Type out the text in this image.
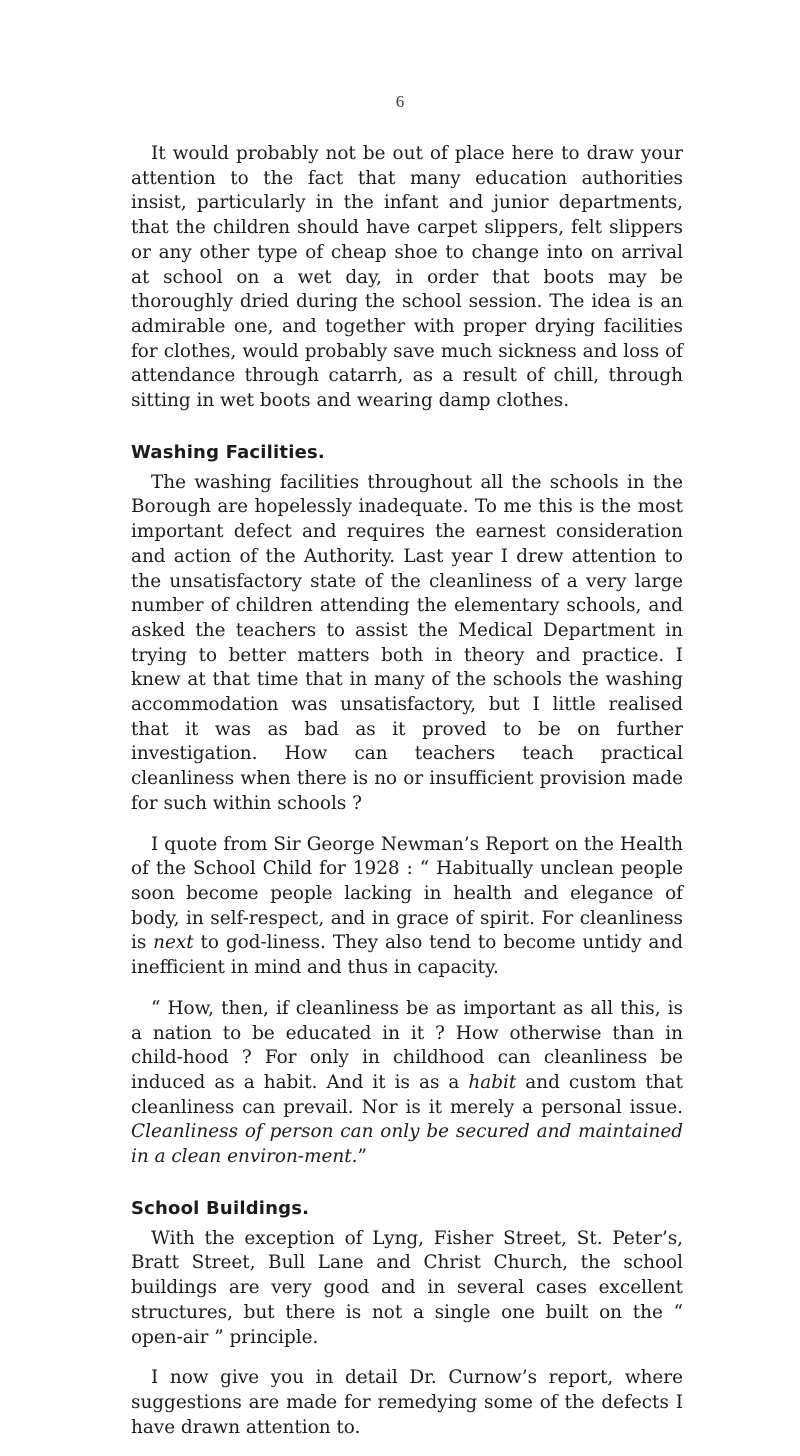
6

It would probably not be out of place here to draw your attention to the fact that many education authorities insist, particularly in the infant and junior departments, that the children should have carpet slippers, felt slippers or any other type of cheap shoe to change into on arrival at school on a wet day, in order that boots may be thoroughly dried during the school session. The idea is an admirable one, and together with proper drying facilities for clothes, would probably save much sickness and loss of attendance through catarrh, as a result of chill, through sitting in wet boots and wearing damp clothes.

Washing Facilities.

The washing facilities throughout all the schools in the Borough are hopelessly inadequate. To me this is the most important defect and requires the earnest consideration and action of the Authority. Last year I drew attention to the unsatisfactory state of the cleanliness of a very large number of children attending the elementary schools, and asked the teachers to assist the Medical Department in trying to better matters both in theory and practice. I knew at that time that in many of the schools the washing accommodation was unsatisfactory, but I little realised that it was as bad as it proved to be on further investigation. How can teachers teach practical cleanliness when there is no or insufficient provision made for such within schools ?

I quote from Sir George Newman’s Report on the Health of the School Child for 1928 : “ Habitually unclean people soon become people lacking in health and elegance of body, in self-respect, and in grace of spirit. For cleanliness is next to god-liness. They also tend to become untidy and inefficient in mind and thus in capacity.

“ How, then, if cleanliness be as important as all this, is a nation to be educated in it ? How otherwise than in child-hood ? For only in childhood can cleanliness be induced as a habit. And it is as a habit and custom that cleanliness can prevail. Nor is it merely a personal issue. Cleanliness of person can only be secured and maintained in a clean environ-ment.”

School Buildings.

With the exception of Lyng, Fisher Street, St. Peter’s, Bratt Street, Bull Lane and Christ Church, the school buildings are very good and in several cases excellent structures, but there is not a single one built on the “ open-air ” principle.

I now give you in detail Dr. Curnow’s report, where suggestions are made for remedying some of the defects I have drawn attention to.
